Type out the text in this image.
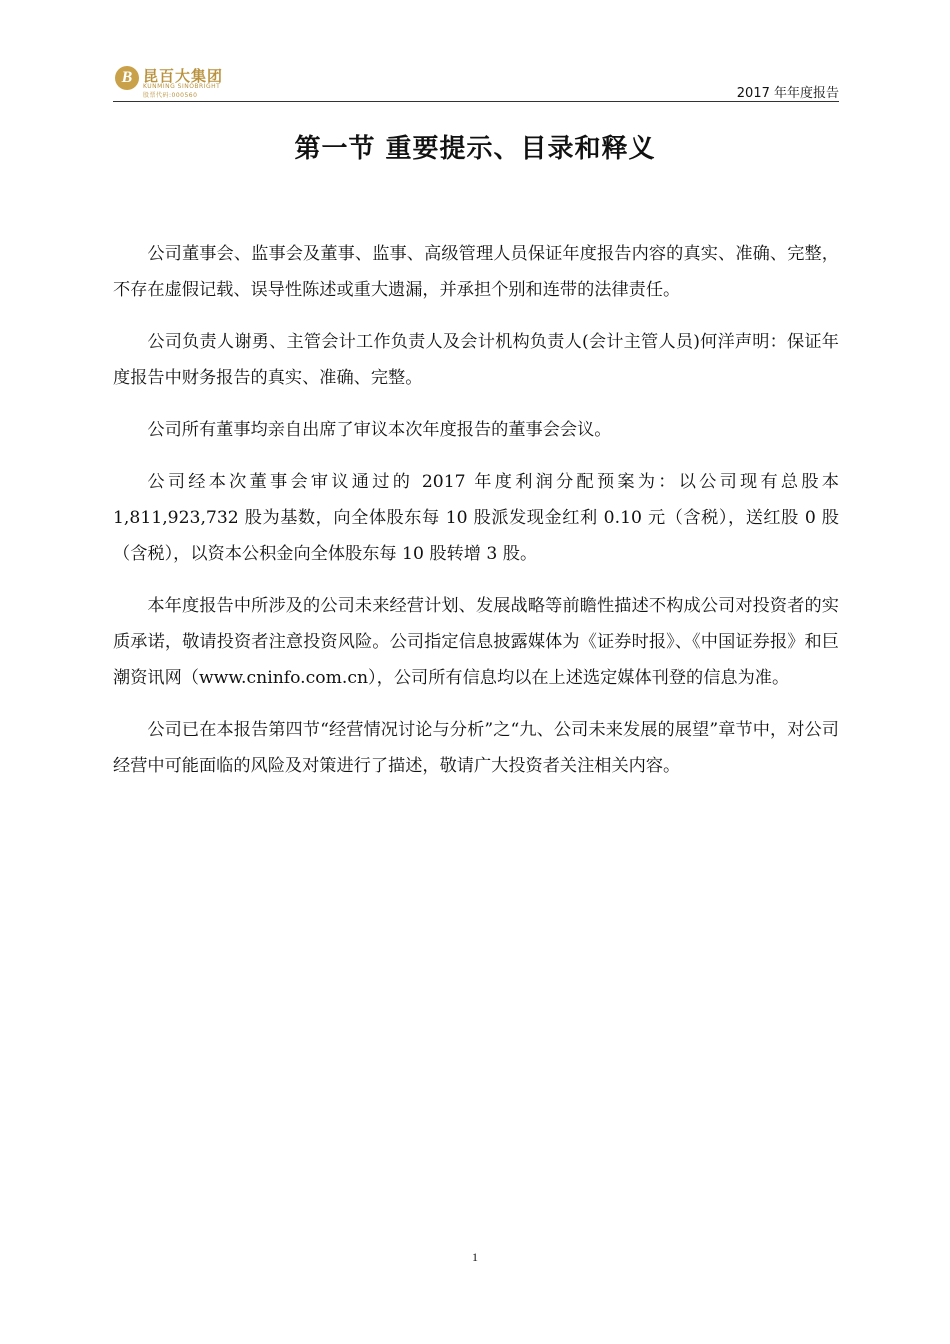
B 昆百大集团
KUNMING SINOBRIGHT
股票代码:000560	2017 年年度报告
第一节 重要提示、目录和释义

公司董事会、监事会及董事、监事、高级管理人员保证年度报告内容的真实、准确、完整，不存在虚假记载、误导性陈述或重大遗漏，并承担个别和连带的法律责任。

公司负责人谢勇、主管会计工作负责人及会计机构负责人(会计主管人员)何洋声明：保证年度报告中财务报告的真实、准确、完整。

公司所有董事均亲自出席了审议本次年度报告的董事会会议。

公司经本次董事会审议通过的 2017 年度利润分配预案为：以公司现有总股本1,811,923,732 股为基数，向全体股东每 10 股派发现金红利 0.10 元（含税），送红股 0 股（含税），以资本公积金向全体股东每 10 股转增 3 股。

本年度报告中所涉及的公司未来经营计划、发展战略等前瞻性描述不构成公司对投资者的实质承诺，敬请投资者注意投资风险。公司指定信息披露媒体为《证券时报》、《中国证券报》和巨潮资讯网（www.cninfo.com.cn），公司所有信息均以在上述选定媒体刊登的信息为准。

公司已在本报告第四节“经营情况讨论与分析”之“九、公司未来发展的展望”章节中，对公司经营中可能面临的风险及对策进行了描述，敬请广大投资者关注相关内容。

1
